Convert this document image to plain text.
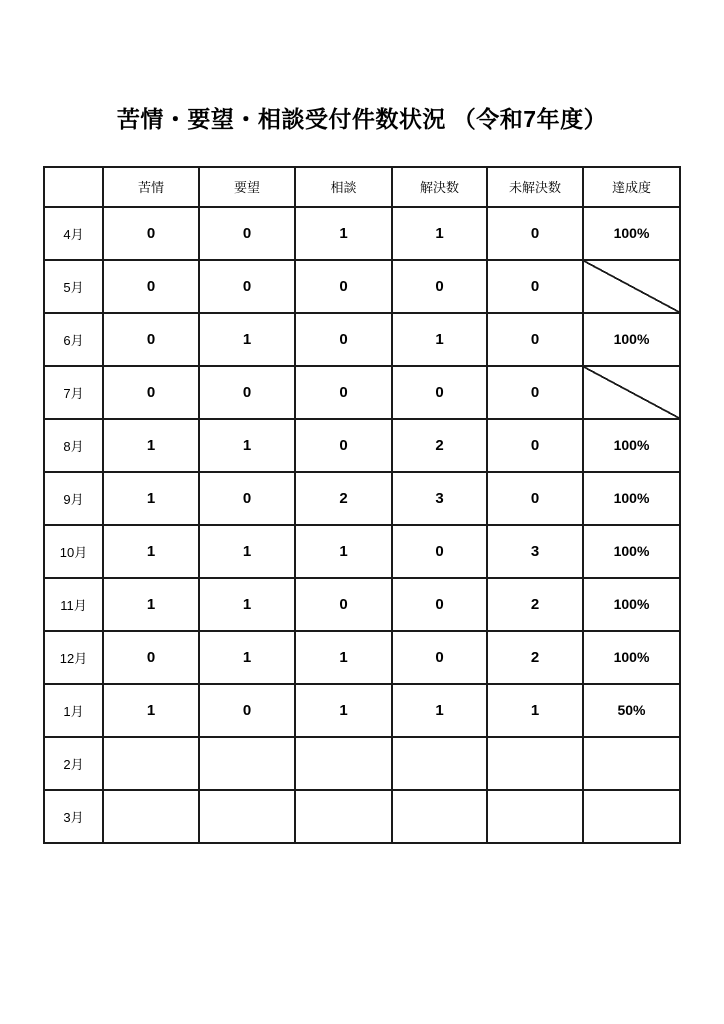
苦情・要望・相談受付件数状況 （令和7年度）
	苦情	要望	相談	解決数	未解決数	達成度
4月	0	0	1	1	0	100%
5月	0	0	0	0	0	

6月	0	1	0	1	0	100%
7月	0	0	0	0	0	

8月	1	1	0	2	0	100%
9月	1	0	2	3	0	100%
10月	1	1	1	0	3	100%
11月	1	1	0	0	2	100%
12月	0	1	1	0	2	100%
1月	1	0	1	1	1	50%
2月						
3月						
